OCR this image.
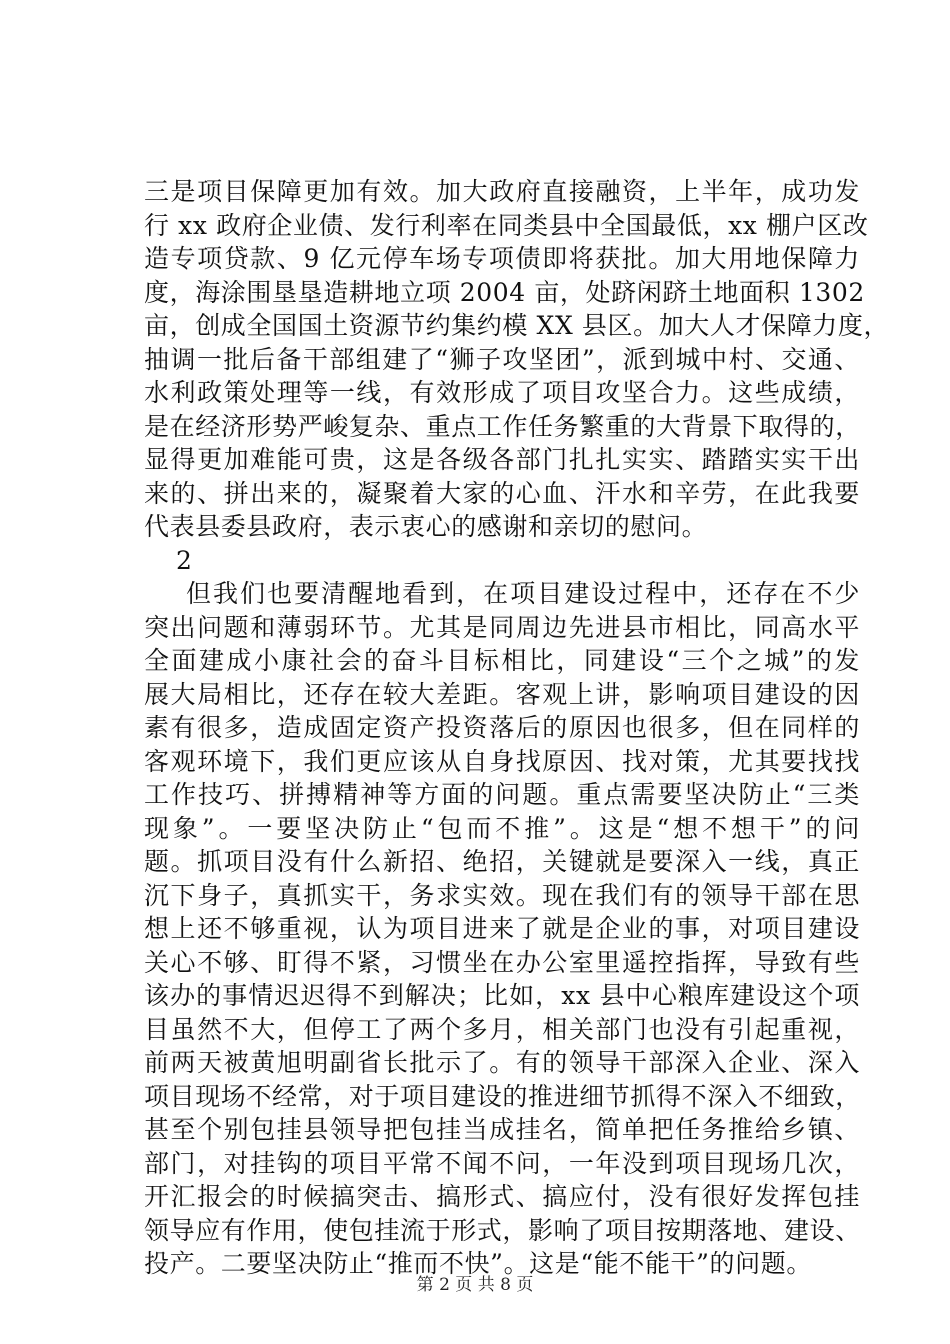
三是项目保障更加有效。加大政府直接融资，上半年，成功发
行 xx 政府企业债、发行利率在同类县中全国最低，xx 棚户区改
造专项贷款、9 亿元停车场专项债即将获批。加大用地保障力
度，海涂围垦垦造耕地立项 2004 亩，处跻闲跻土地面积 1302
亩，创成全国国土资源节约集约模 XX 县区。加大人才保障力度，
抽调一批后备干部组建了“狮子攻坚团”，派到城中村、交通、
水利政策处理等一线，有效形成了项目攻坚合力。这些成绩，
是在经济形势严峻复杂、重点工作任务繁重的大背景下取得的，
显得更加难能可贵，这是各级各部门扎扎实实、踏踏实实干出
来的、拼出来的，凝聚着大家的心血、汗水和辛劳，在此我要
代表县委县政府，表示衷心的感谢和亲切的慰问。
2
但我们也要清醒地看到，在项目建设过程中，还存在不少
突出问题和薄弱环节。尤其是同周边先进县市相比，同高水平
全面建成小康社会的奋斗目标相比，同建设“三个之城”的发
展大局相比，还存在较大差距。客观上讲，影响项目建设的因
素有很多，造成固定资产投资落后的原因也很多，但在同样的
客观环境下，我们更应该从自身找原因、找对策，尤其要找找
工作技巧、拼搏精神等方面的问题。重点需要坚决防止“三类
现象”。一要坚决防止“包而不推”。这是“想不想干”的问
题。抓项目没有什么新招、绝招，关键就是要深入一线，真正
沉下身子，真抓实干，务求实效。现在我们有的领导干部在思
想上还不够重视，认为项目进来了就是企业的事，对项目建设
关心不够、盯得不紧，习惯坐在办公室里遥控指挥，导致有些
该办的事情迟迟得不到解决；比如，xx 县中心粮库建设这个项
目虽然不大，但停工了两个多月，相关部门也没有引起重视，
前两天被黄旭明副省长批示了。有的领导干部深入企业、深入
项目现场不经常，对于项目建设的推进细节抓得不深入不细致，
甚至个别包挂县领导把包挂当成挂名，简单把任务推给乡镇、
部门，对挂钩的项目平常不闻不问，一年没到项目现场几次，
开汇报会的时候搞突击、搞形式、搞应付，没有很好发挥包挂
领导应有作用，使包挂流于形式，影响了项目按期落地、建设、
投产。二要坚决防止“推而不快”。这是“能不能干”的问题。
第 2 页 共 8 页
